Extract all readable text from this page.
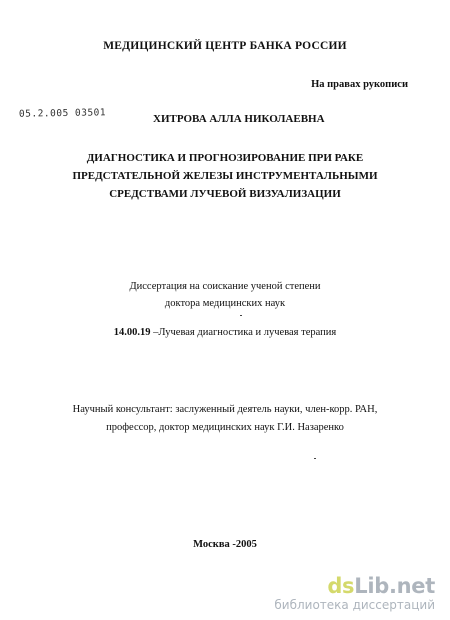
МЕДИЦИНСКИЙ ЦЕНТР БАНКА РОССИИ
На правах рукописи
05.2.005 03501	ХИТРОВА АЛЛА НИКОЛАЕВНА
ДИАГНОСТИКА И ПРОГНОЗИРОВАНИЕ ПРИ РАКЕ
ПРЕДСТАТЕЛЬНОЙ ЖЕЛЕЗЫ ИНСТРУМЕНТАЛЬНЫМИ
СРЕДСТВАМИ ЛУЧЕВОЙ ВИЗУАЛИЗАЦИИ
Диссертация на соискание ученой степени
доктора медицинских наук
14.00.19 –Лучевая диагностика и лучевая терапия
Научный консультант: заслуженный деятель науки, член-корр. РАН,
профессор, доктор медицинских наук Г.И. Назаренко
Москва -2005
dsLib.net
библиотека диссертаций
